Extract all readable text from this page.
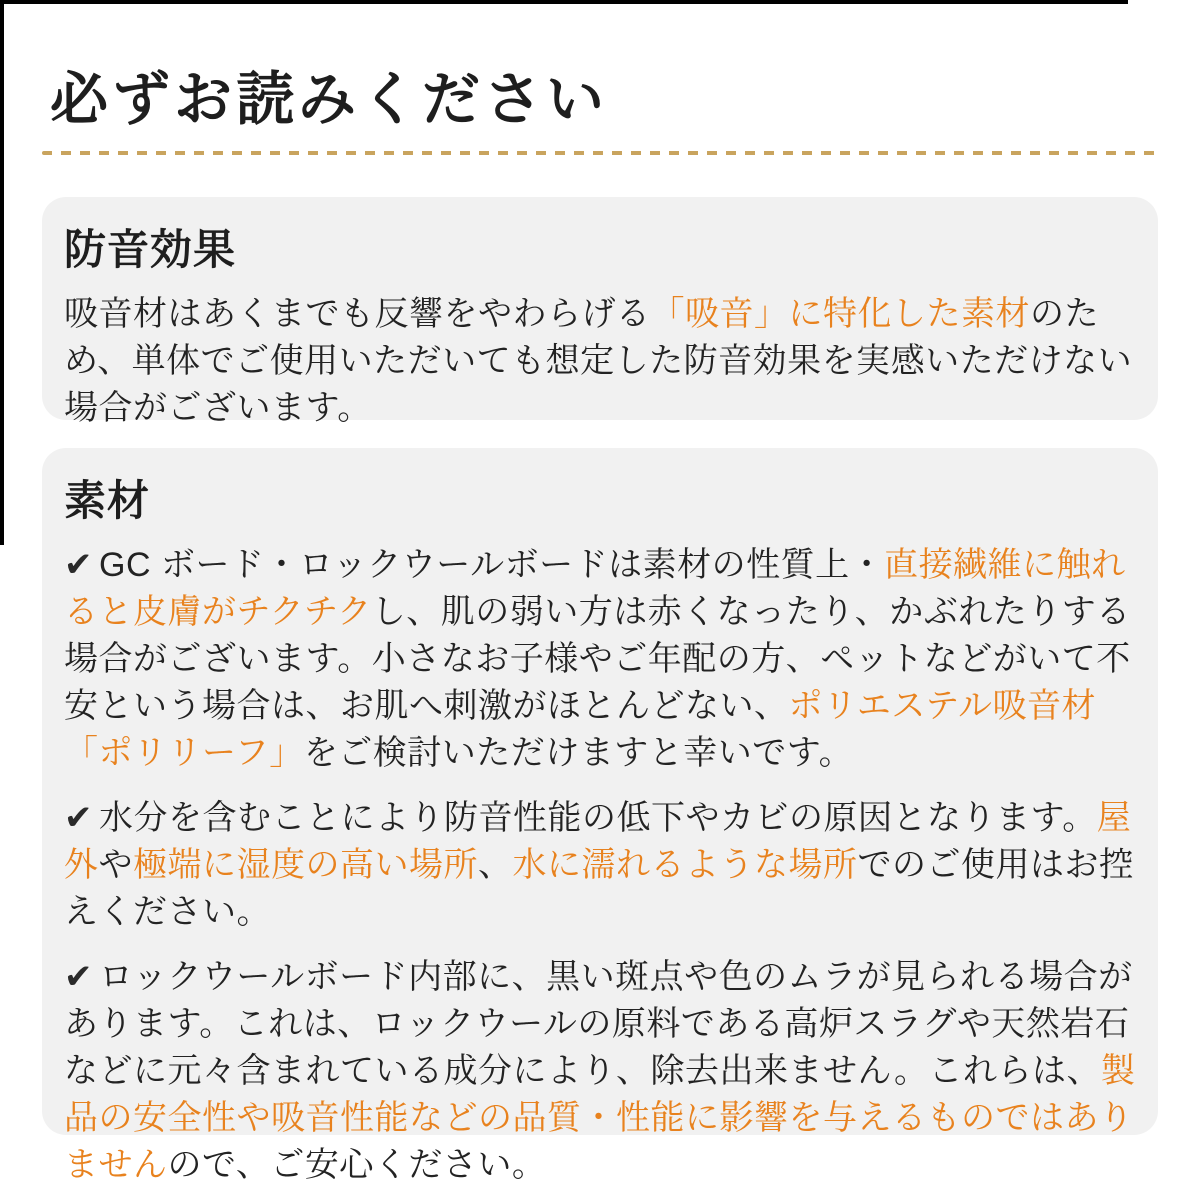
必ずお読みください
防音効果

吸音材はあくまでも反響をやわらげる「吸音」に特化した素材のため、単体でご使用いただいても想定した防音効果を実感いただけない場合がございます。

素材

✔ GC ボード・ロックウールボードは素材の性質上・直接繊維に触れると皮膚がチクチクし、肌の弱い方は赤くなったり、かぶれたりする場合がございます。小さなお子様やご年配の方、ペットなどがいて不安という場合は、お肌へ刺激がほとんどない、ポリエステル吸音材「ポリリーフ」をご検討いただけますと幸いです。

✔ 水分を含むことにより防音性能の低下やカビの原因となります。屋外や極端に湿度の高い場所、水に濡れるような場所でのご使用はお控えください。

✔ ロックウールボード内部に、黒い斑点や色のムラが見られる場合があります。これは、ロックウールの原料である高炉スラグや天然岩石などに元々含まれている成分により、除去出来ません。これらは、製品の安全性や吸音性能などの品質・性能に影響を与えるものではありませんので、ご安心ください。
